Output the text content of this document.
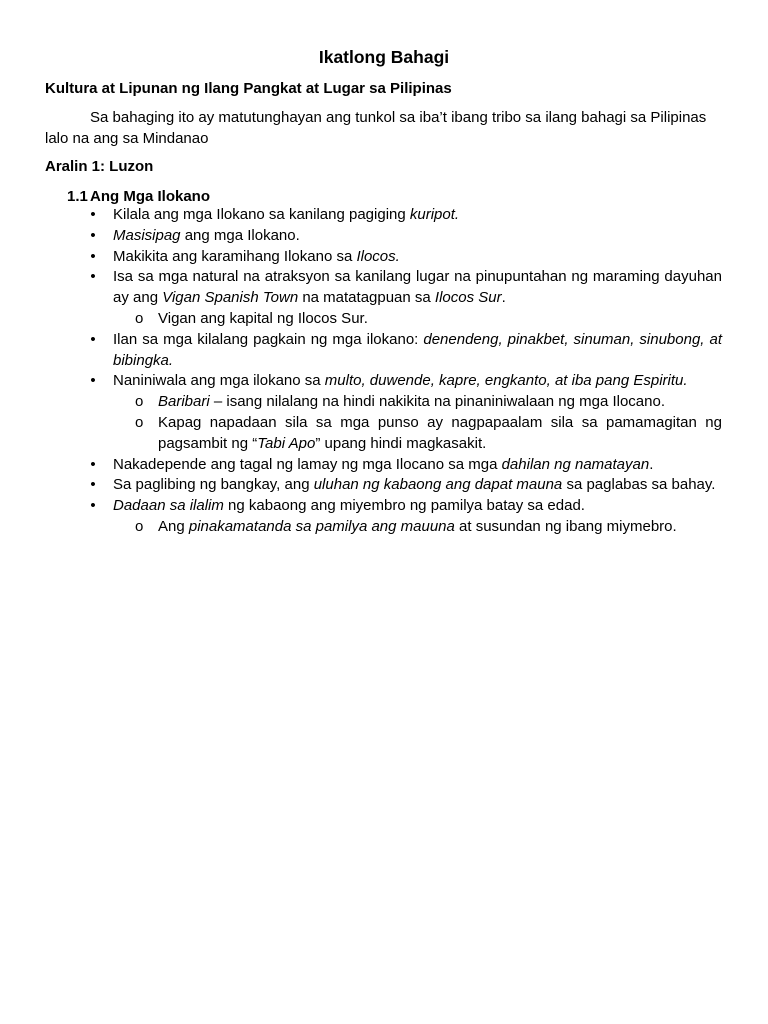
Ikatlong Bahagi
Kultura at Lipunan ng Ilang Pangkat at Lugar sa Pilipinas
Sa bahaging ito ay matutunghayan ang tunkol sa iba’t ibang tribo sa ilang bahagi sa Pilipinas lalo na ang sa Mindanao
Aralin 1: Luzon
1.1 Ang Mga Ilokano
• Kilala ang mga Ilokano sa kanilang pagiging kuripot.
• Masisipag ang mga Ilokano.
• Makikita ang karamihang Ilokano sa Ilocos.
• Isa sa mga natural na atraksyon sa kanilang lugar na pinupuntahan ng maraming dayuhan ay ang Vigan Spanish Town na matatagpuan sa Ilocos Sur.
o Vigan ang kapital ng Ilocos Sur.
• Ilan sa mga kilalang pagkain ng mga ilokano: denendeng, pinakbet, sinuman, sinubong, at bibingka.
• Naniniwala ang mga ilokano sa multo, duwende, kapre, engkanto, at iba pang Espiritu.
o Baribari – isang nilalang na hindi nakikita na pinaniniwalaan ng mga Ilocano.
o Kapag napadaan sila sa mga punso ay nagpapaalam sila sa pamamagitan ng pagsambit ng “Tabi Apo” upang hindi magkasakit.
• Nakadepende ang tagal ng lamay ng mga Ilocano sa mga dahilan ng namatayan.
• Sa paglibing ng bangkay, ang uluhan ng kabaong ang dapat mauna sa paglabas sa bahay.
• Dadaan sa ilalim ng kabaong ang miyembro ng pamilya batay sa edad.
o Ang pinakamatanda sa pamilya ang mauuna at susundan ng ibang miymebro.
